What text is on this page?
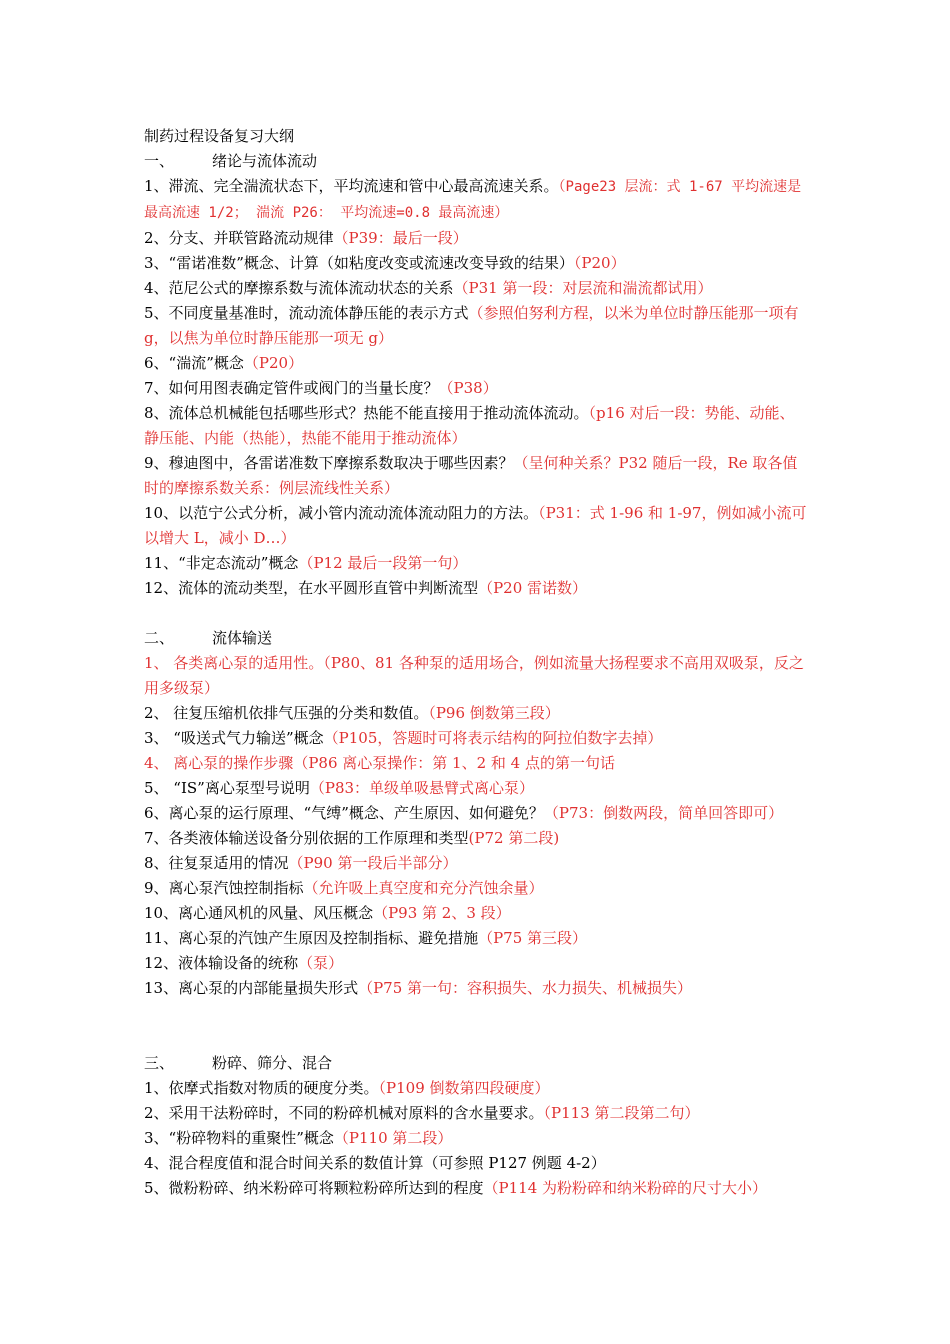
制药过程设备复习大纲
一、	绪论与流体流动
1、滞流、完全湍流状态下，平均流速和管中心最高流速关系。（Page23 层流：式 1-67 平均流速是最高流速 1/2； 湍流 P26： 平均流速=0.8 最高流速）
2、分支、并联管路流动规律（P39：最后一段）
3、“雷诺准数”概念、计算（如粘度改变或流速改变导致的结果）（P20）
4、范尼公式的摩擦系数与流体流动状态的关系（P31 第一段：对层流和湍流都试用）
5、不同度量基准时，流动流体静压能的表示方式（参照伯努利方程，以米为单位时静压能那一项有 g，以焦为单位时静压能那一项无 g）
6、“湍流”概念（P20）
7、如何用图表确定管件或阀门的当量长度？（P38）
8、流体总机械能包括哪些形式？热能不能直接用于推动流体流动。（p16 对后一段：势能、动能、静压能、内能（热能），热能不能用于推动流体）
9、穆迪图中，各雷诺准数下摩擦系数取决于哪些因素？（呈何种关系？P32 随后一段，Re 取各值时的摩擦系数关系：例层流线性关系）
10、以范宁公式分析，减小管内流动流体流动阻力的方法。（P31：式 1-96 和 1-97，例如减小流可以增大 L，减小 D…）
11、“非定态流动”概念（P12 最后一段第一句）
12、流体的流动类型，在水平圆形直管中判断流型（P20 雷诺数）
二、	流体输送
1、 各类离心泵的适用性。（P80、81 各种泵的适用场合，例如流量大扬程要求不高用双吸泵，反之用多级泵）
2、 往复压缩机依排气压强的分类和数值。（P96 倒数第三段）
3、 “吸送式气力输送”概念（P105，答题时可将表示结构的阿拉伯数字去掉）
4、 离心泵的操作步骤（P86 离心泵操作：第 1、2 和 4 点的第一句话
5、 “IS”离心泵型号说明（P83：单级单吸悬臂式离心泵）
6、离心泵的运行原理、“气缚”概念、产生原因、如何避免？（P73：倒数两段，简单回答即可）
7、各类液体输送设备分别依据的工作原理和类型(P72 第二段)
8、往复泵适用的情况（P90 第一段后半部分）
9、离心泵汽蚀控制指标（允许吸上真空度和充分汽蚀余量）
10、离心通风机的风量、风压概念（P93 第 2、3 段）
11、离心泵的汽蚀产生原因及控制指标、避免措施（P75 第三段）
12、液体输设备的统称（泵）
13、离心泵的内部能量损失形式（P75 第一句：容积损失、水力损失、机械损失）
三、	粉碎、筛分、混合
1、依摩式指数对物质的硬度分类。（P109 倒数第四段硬度）
2、采用干法粉碎时，不同的粉碎机械对原料的含水量要求。（P113 第二段第二句）
3、“粉碎物料的重聚性”概念（P110 第二段）
4、混合程度值和混合时间关系的数值计算（可参照 P127 例题 4-2）
5、微粉粉碎、纳米粉碎可将颗粒粉碎所达到的程度（P114 为粉粉碎和纳米粉碎的尺寸大小）
